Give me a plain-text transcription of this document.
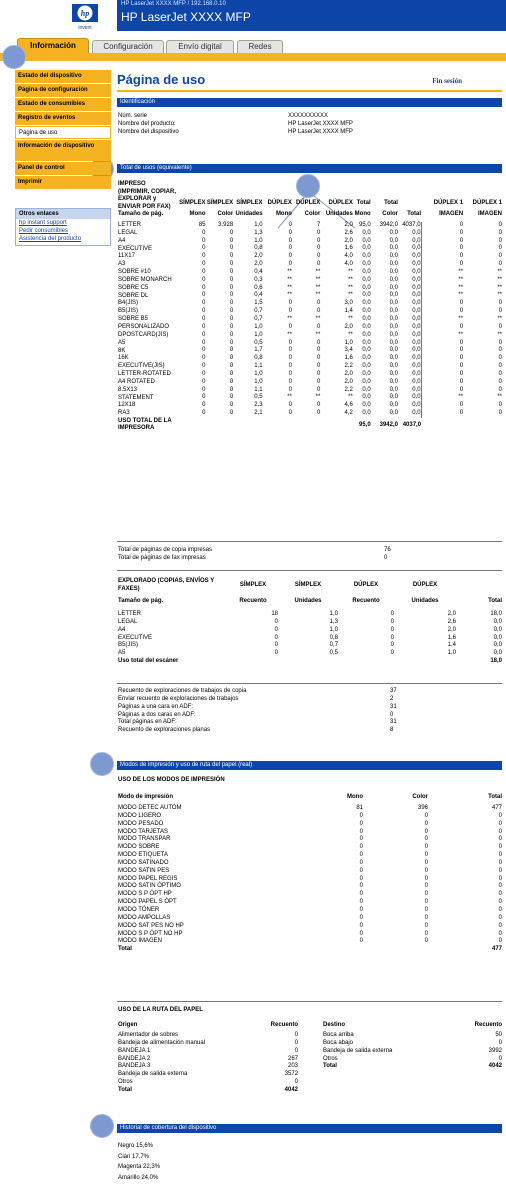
hp
invent
HP LaserJet XXXX MFP / 192.168.0.10
HP LaserJet XXXX MFP
Información	Configuración	Envío digital	Redes
Fin sesión
Estado del dispositivo
Página de configuración
Estado de consumibles
Registro de eventos
Página de uso
Información de dispositivo
Panel de control
Imprimir
Otros enlaces
hp instant support
Pedir consumibles
Asistencia del producto
Página de uso
Identificación
Núm. serie	XXXXXXXXXX
Nombre del producto:	HP LaserJet XXXX MFP
Nombre del dispositivo	HP LaserJet XXXX MFP
Total de usos (equivalente)
IMPRESO (IMPRIMIR, COPIAR, EXPLORAR y ENVIAR POR FAX)
	SÍMPLEX	SÍMPLEX	SÍMPLEX	DÚPLEX	DÚPLEX	DÚPLEX	Total	Total		DÚPLEX 1	DÚPLEX 1
Tamaño de pág.	Mono	Color	Unidades	Mono	Color	Unidades	Mono	Color	Total	IMAGEN	IMAGEN
LETTER	85	3.928	1,0	0	7	2,0	95,0	3942,0	4037,0	0	0
LEGAL	0	0	1,3	0	0	2,6	0,0	0,0	0,0	0	0
A4	0	0	1,0	0	0	2,0	0,0	0,0	0,0	0	0
EXECUTIVE	0	0	0,8	0	0	1,6	0,0	0,0	0,0	0	0
11X17	0	0	2,0	0	0	4,0	0,0	0,0	0,0	0	0
A3	0	0	2,0	0	0	4,0	0,0	0,0	0,0	0	0
SOBRE #10	0	0	0,4	**	**	**	0,0	0,0	0,0	**	**
SOBRE MONARCH	0	0	0,3	**	**	**	0,0	0,0	0,0	**	**
SOBRE C5	0	0	0,6	**	**	**	0,0	0,0	0,0	**	**
SOBRE DL	0	0	0,4	**	**	**	0,0	0,0	0,0	**	**
B4(JIS)	0	0	1,5	0	0	3,0	0,0	0,0	0,0	0	0
B5(JIS)	0	0	0,7	0	0	1,4	0,0	0,0	0,0	0	0
SOBRE B5	0	0	0,7	**	**	**	0,0	0,0	0,0	**	**
PERSONALIZADO	0	0	1,0	0	0	2,0	0,0	0,0	0,0	0	0
DPOSTCARD(JIS)	0	0	1,0	**	**	**	0,0	0,0	0,0	**	**
A5	0	0	0,5	0	0	1,0	0,0	0,0	0,0	0	0
8K	0	0	1,7	0	0	3,4	0,0	0,0	0,0	0	0
16K	0	0	0,8	0	0	1,6	0,0	0,0	0,0	0	0
EXECUTIVE(JIS)	0	0	1,1	0	0	2,2	0,0	0,0	0,0	0	0
LETTER-ROTATED	0	0	1,0	0	0	2,0	0,0	0,0	0,0	0	0
A4 ROTATED	0	0	1,0	0	0	2,0	0,0	0,0	0,0	0	0
8.5X13	0	0	1,1	0	0	2,2	0,0	0,0	0,0	0	0
STATEMENT	0	0	0,5	**	**	**	0,0	0,0	0,0	**	**
12X18	0	0	2,3	0	0	4,6	0,0	0,0	0,0	0	0
RA3	0	0	2,1	0	0	4,2	0,0	0,0	0,0	0	0
USO TOTAL DE LA IMPRESORA							95,0	3942,0	4037,0		
Total de páginas de copia impresas	76
Total de páginas de fax impresas	0
EXPLORADO (COPIAS, ENVÍOS Y FAXES)	SÍMPLEX	SÍMPLEX	DÚPLEX	DÚPLEX	
Tamaño de pág.	Recuento	Unidades	Recuento	Unidades	Total
LETTER	18	1,0	0	2,0	18,0
LEGAL	0	1,3	0	2,6	0,0
A4	0	1,0	0	2,0	0,0
EXECUTIVE	0	0,8	0	1,6	0,0
B5(JIS)	0	0,7	0	1,4	0,0
A5	0	0,5	0	1,0	0,0
Uso total del escáner					18,0
Recuento de exploraciones de trabajos de copia	37
Enviar recuento de exploraciones de trabajos	2
Páginas a una cara en ADF:	31
Páginas a dos caras en ADF:	0
Total páginas en ADF:	31
Recuento de exploraciones planas	8
Modos de impresión y uso de ruta del papel (real)
USO DE LOS MODOS DE IMPRESIÓN
Modo de impresión	Mono	Color	Total
MODO DETEC AUTOM	81	396	477
MODO LIGERO	0	0	0
MODO PESADO	0	0	0
MODO TARJETAS	0	0	0
MODO TRANSPAR	0	0	0
MODO SOBRE	0	0	0
MODO ETIQUETA	0	0	0
MODO SATINADO	0	0	0
MODO SATIN PES	0	0	0
MODO PAPEL REGIS	0	0	0
MODO SATIN ÓPTIMO	0	0	0
MODO S P ÓPT HP	0	0	0
MODO PAPEL S ÓPT	0	0	0
MODO TÓNER	0	0	0
MODO AMPOLLAS	0	0	0
MODO SAT PES NO HP	0	0	0
MODO S P ÓPT NO HP	0	0	0
MODO IMAGEN	0	0	0
Total			477
USO DE LA RUTA DEL PAPEL
Origen	Recuento
Alimentador de sobres	0
Bandeja de alimentación manual	0
BANDEJA 1	0
BANDEJA 2	267
BANDEJA 3	203
Bandeja de salida externa	3572
Otros	0
Total	4042
Destino	Recuento
Boca arriba	50
Boca abajo	0
Bandeja de salida externa	3992
Otros	0
Total	4042
Historial de cobertura del dispositivo
Negro 15,6%
Cián 17,7%
Magenta 22,3%
Amarillo 24,0%
